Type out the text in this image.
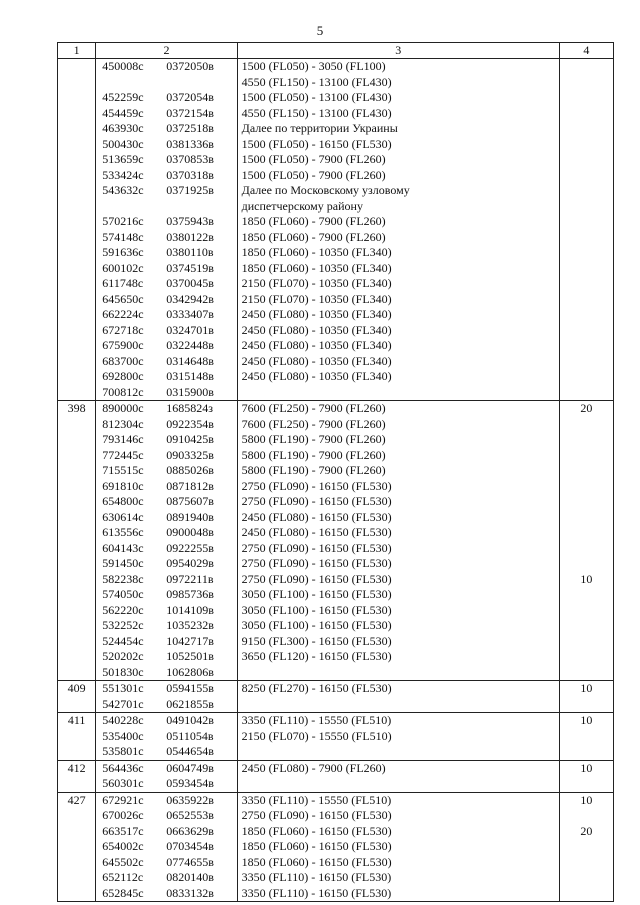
5
1	2	3	4
	450008с 0372050в	1500 (FL050) - 3050 (FL100)	
		4550 (FL150) - 13100 (FL430)	
	452259с 0372054в	1500 (FL050) - 13100 (FL430)	
	454459с 0372154в	4550 (FL150) - 13100 (FL430)	
	463930с 0372518в	Далее по территории Украины	
	500430с 0381336в	1500 (FL050) - 16150 (FL530)	
	513659с 0370853в	1500 (FL050) - 7900 (FL260)	
	533424с 0370318в	1500 (FL050) - 7900 (FL260)	
	543632с 0371925в	Далее по Московскому узловому	
		диспетчерскому району	
	570216с 0375943в	1850 (FL060) - 7900 (FL260)	
	574148с 0380122в	1850 (FL060) - 7900 (FL260)	
	591636с 0380110в	1850 (FL060) - 10350 (FL340)	
	600102с 0374519в	1850 (FL060) - 10350 (FL340)	
	611748с 0370045в	2150 (FL070) - 10350 (FL340)	
	645650с 0342942в	2150 (FL070) - 10350 (FL340)	
	662224с 0333407в	2450 (FL080) - 10350 (FL340)	
	672718с 0324701в	2450 (FL080) - 10350 (FL340)	
	675900с 0322448в	2450 (FL080) - 10350 (FL340)	
	683700с 0314648в	2450 (FL080) - 10350 (FL340)	
	692800с 0315148в	2450 (FL080) - 10350 (FL340)	
	700812с 0315900в		
398	890000с 1685824з	7600 (FL250) - 7900 (FL260)	20
	812304с 0922354в	7600 (FL250) - 7900 (FL260)	
	793146с 0910425в	5800 (FL190) - 7900 (FL260)	
	772445с 0903325в	5800 (FL190) - 7900 (FL260)	
	715515с 0885026в	5800 (FL190) - 7900 (FL260)	
	691810с 0871812в	2750 (FL090) - 16150 (FL530)	
	654800с 0875607в	2750 (FL090) - 16150 (FL530)	
	630614с 0891940в	2450 (FL080) - 16150 (FL530)	
	613556с 0900048в	2450 (FL080) - 16150 (FL530)	
	604143с 0922255в	2750 (FL090) - 16150 (FL530)	
	591450с 0954029в	2750 (FL090) - 16150 (FL530)	
	582238с 0972211в	2750 (FL090) - 16150 (FL530)	10
	574050с 0985736в	3050 (FL100) - 16150 (FL530)	
	562220с 1014109в	3050 (FL100) - 16150 (FL530)	
	532252с 1035232в	3050 (FL100) - 16150 (FL530)	
	524454с 1042717в	9150 (FL300) - 16150 (FL530)	
	520202с 1052501в	3650 (FL120) - 16150 (FL530)	
	501830с 1062806в		
409	551301с 0594155в	8250 (FL270) - 16150 (FL530)	10
	542701с 0621855в		
411	540228с 0491042в	3350 (FL110) - 15550 (FL510)	10
	535400с 0511054в	2150 (FL070) - 15550 (FL510)	
	535801с 0544654в		
412	564436с 0604749в	2450 (FL080) - 7900 (FL260)	10
	560301с 0593454в		
427	672921с 0635922в	3350 (FL110) - 15550 (FL510)	10
	670026с 0652553в	2750 (FL090) - 16150 (FL530)	
	663517с 0663629в	1850 (FL060) - 16150 (FL530)	20
	654002с 0703454в	1850 (FL060) - 16150 (FL530)	
	645502с 0774655в	1850 (FL060) - 16150 (FL530)	
	652112с 0820140в	3350 (FL110) - 16150 (FL530)	
	652845с 0833132в	3350 (FL110) - 16150 (FL530)	
